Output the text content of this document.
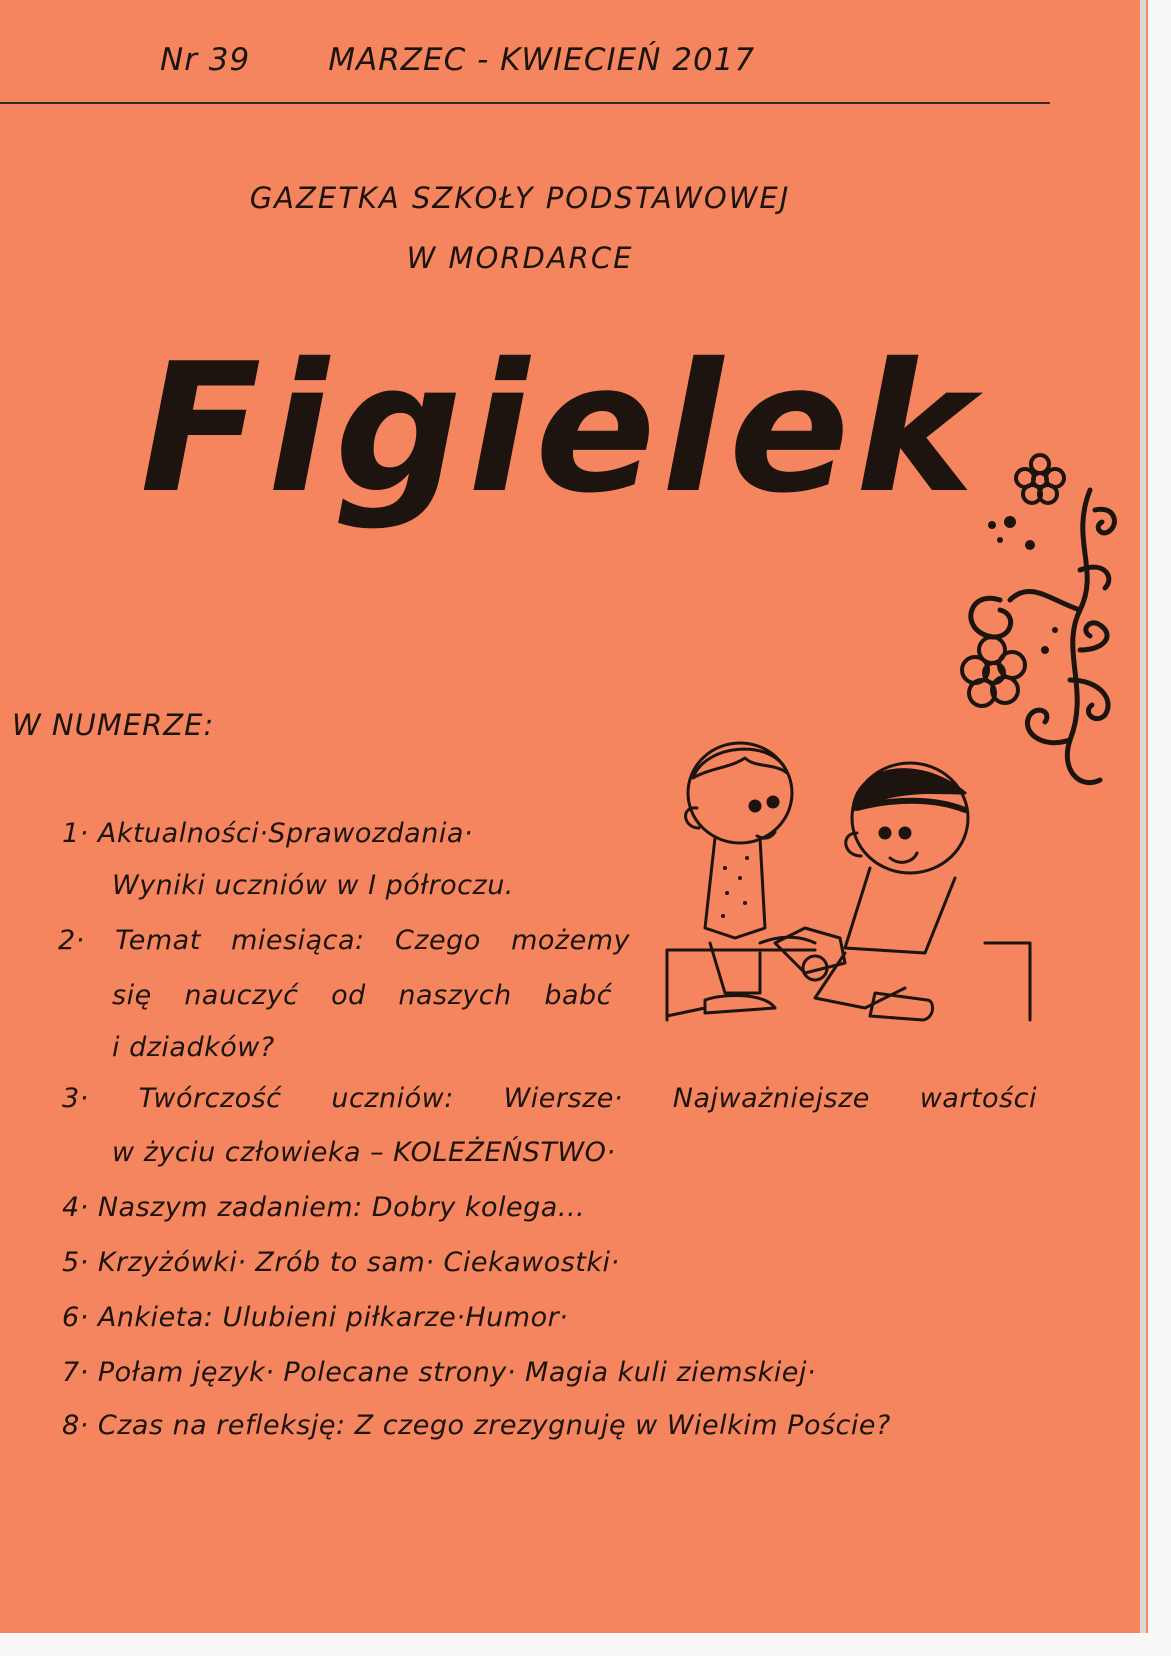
Nr 39	MARZEC - KWIECIEŃ 2017
GAZETKA SZKOŁY PODSTAWOWEJ
W MORDARCE
Figielek
W NUMERZE:
1· Aktualności·Sprawozdania·
Wyniki uczniów w I półroczu.
2· Temat miesiąca: Czego możemy
się nauczyć od naszych babć
i dziadków?
3· Twórczość uczniów: Wiersze· Najważniejsze wartości
w życiu człowieka – KOLEŻEŃSTWO·
4· Naszym zadaniem: Dobry kolega...
5· Krzyżówki· Zrób to sam· Ciekawostki·
6· Ankieta: Ulubieni piłkarze·Humor·
7· Połam język· Polecane strony· Magia kuli ziemskiej·
8· Czas na refleksję: Z czego zrezygnuję w Wielkim Poście?
